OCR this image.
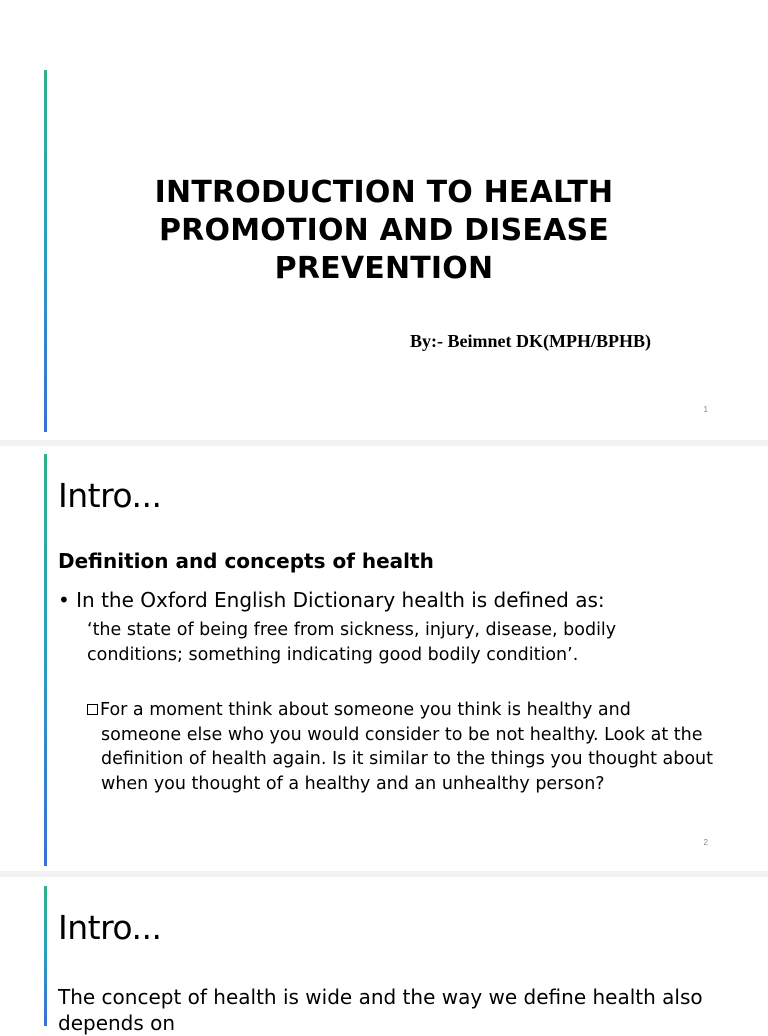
INTRODUCTION TO HEALTH PROMOTION AND DISEASE PREVENTION
By:- Beimnet DK(MPH/BPHB)
1
Intro...
Definition and concepts of health
• In the Oxford English Dictionary health is defined as:
‘the state of being free from sickness, injury, disease, bodily conditions; something indicating good bodily condition’.
For a moment think about someone you think is healthy and
someone else who you would consider to be not healthy. Look at the definition of health again. Is it similar to the things you thought about when you thought of a healthy and an unhealthy person?
2
Intro...
The concept of health is wide and the way we define health also depends on
